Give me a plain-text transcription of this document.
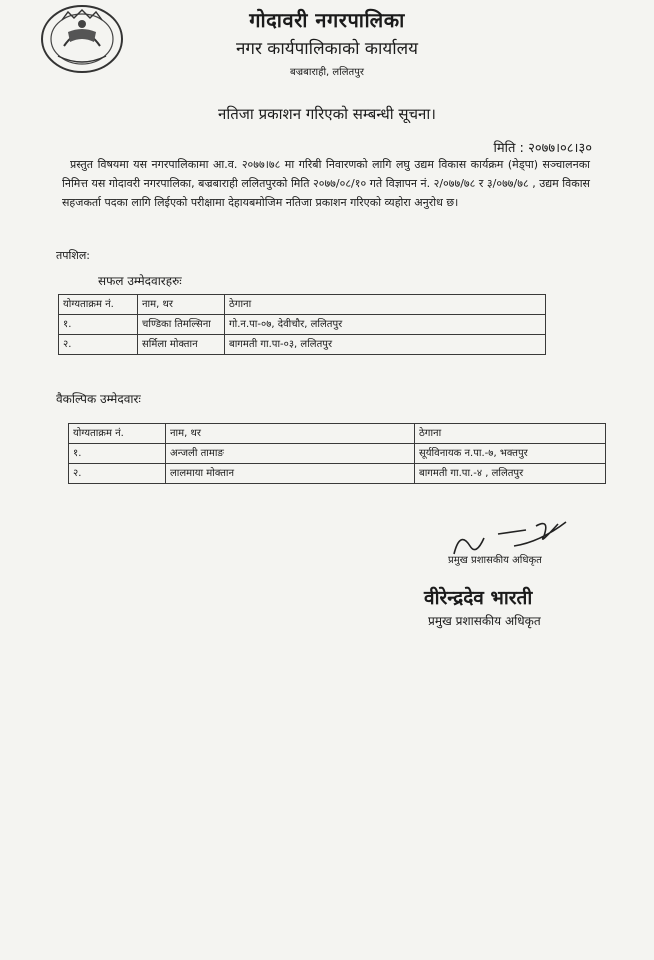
गोदावरी नगरपालिका
नगर कार्यपालिकाको कार्यालय
बज्रबाराही, ललितपुर
नतिजा प्रकाशन गरिएको सम्बन्धी सूचना।
मिति : २०७७।०८।३०
प्रस्तुत विषयमा यस नगरपालिकामा आ.व. २०७७।७८ मा गरिबी निवारणको लागि लघु उद्यम विकास कार्यक्रम (मेड्पा) सञ्चालनका निमित्त यस गोदावरी नगरपालिका, बज्रबाराही ललितपुरको मिति २०७७/०८/१० गते विज्ञापन नं. २/०७७/७८ र ३/०७७/७८ , उद्यम विकास सहजकर्ता पदका लागि लिईएको परीक्षामा देहायबमोजिम नतिजा प्रकाशन गरिएको व्यहोरा अनुरोध छ।
तपशिल:
सफल उम्मेदवारहरुः
योग्यताक्रम नं.	नाम, थर	ठेगाना
१.	चण्डिका तिमल्सिना	गो.न.पा-०७, देवीचौर, ललितपुर
२.	सर्मिला मोक्तान	बागमती गा.पा-०३, ललितपुर
वैकल्पिक उम्मेदवारः
योग्यताक्रम नं.	नाम, थर	ठेगाना
१.	अन्जली तामाङ	सूर्यविनायक न.पा.-७, भक्तपुर
२.	लालमाया मोक्तान	बागमती गा.पा.-४ , ललितपुर
प्रमुख प्रशासकीय अधिकृत
वीरेन्द्रदेव भारती
प्रमुख प्रशासकीय अधिकृत
